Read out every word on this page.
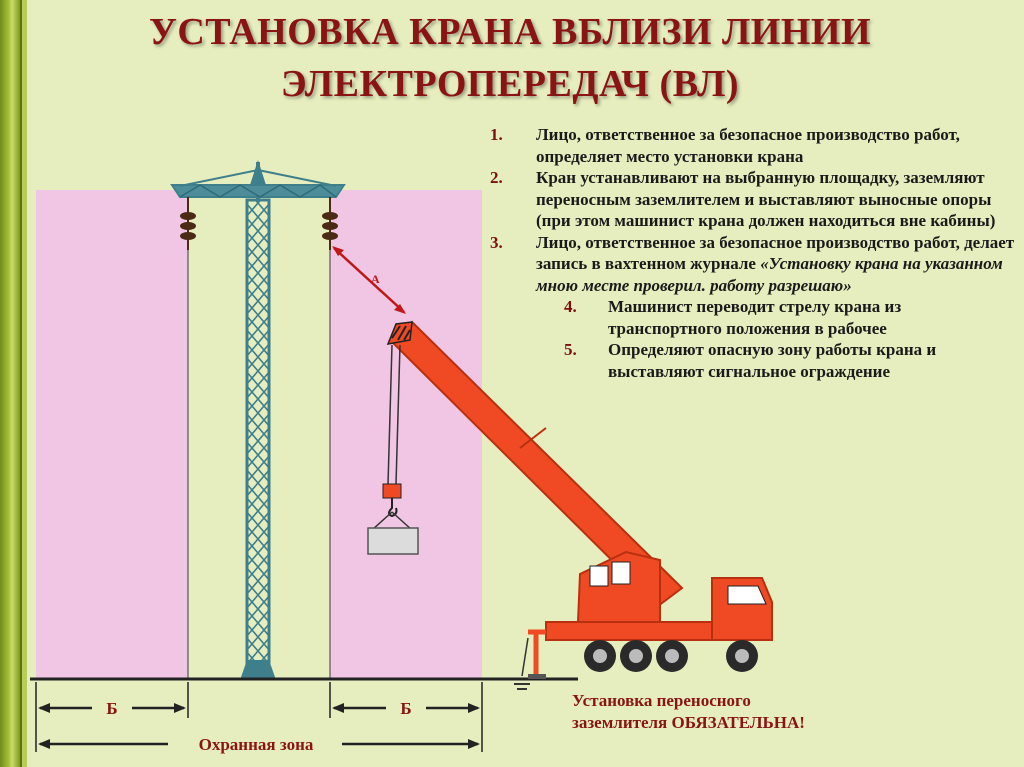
УСТАНОВКА КРАНА ВБЛИЗИ ЛИНИИ
ЭЛЕКТРОПЕРЕДАЧ (ВЛ)
А
Б	Б
Охранная зона
1.	Лицо, ответственное за безопасное производство работ, определяет место установки крана
2.	Кран устанавливают на выбранную площадку, заземляют переносным заземлителем и выставляют выносные опоры (при этом машинист крана должен находиться вне кабины)
3.	Лицо, ответственное за безопасное производство работ, делает запись в вахтенном журнале «Установку крана на указанном мною месте проверил. работу разрешаю»
4.	Машинист переводит стрелу крана из транспортного положения в рабочее
5.	Определяют опасную зону работы крана и выставляют сигнальное ограждение
Установка переносного
заземлителя ОБЯЗАТЕЛЬНА!
